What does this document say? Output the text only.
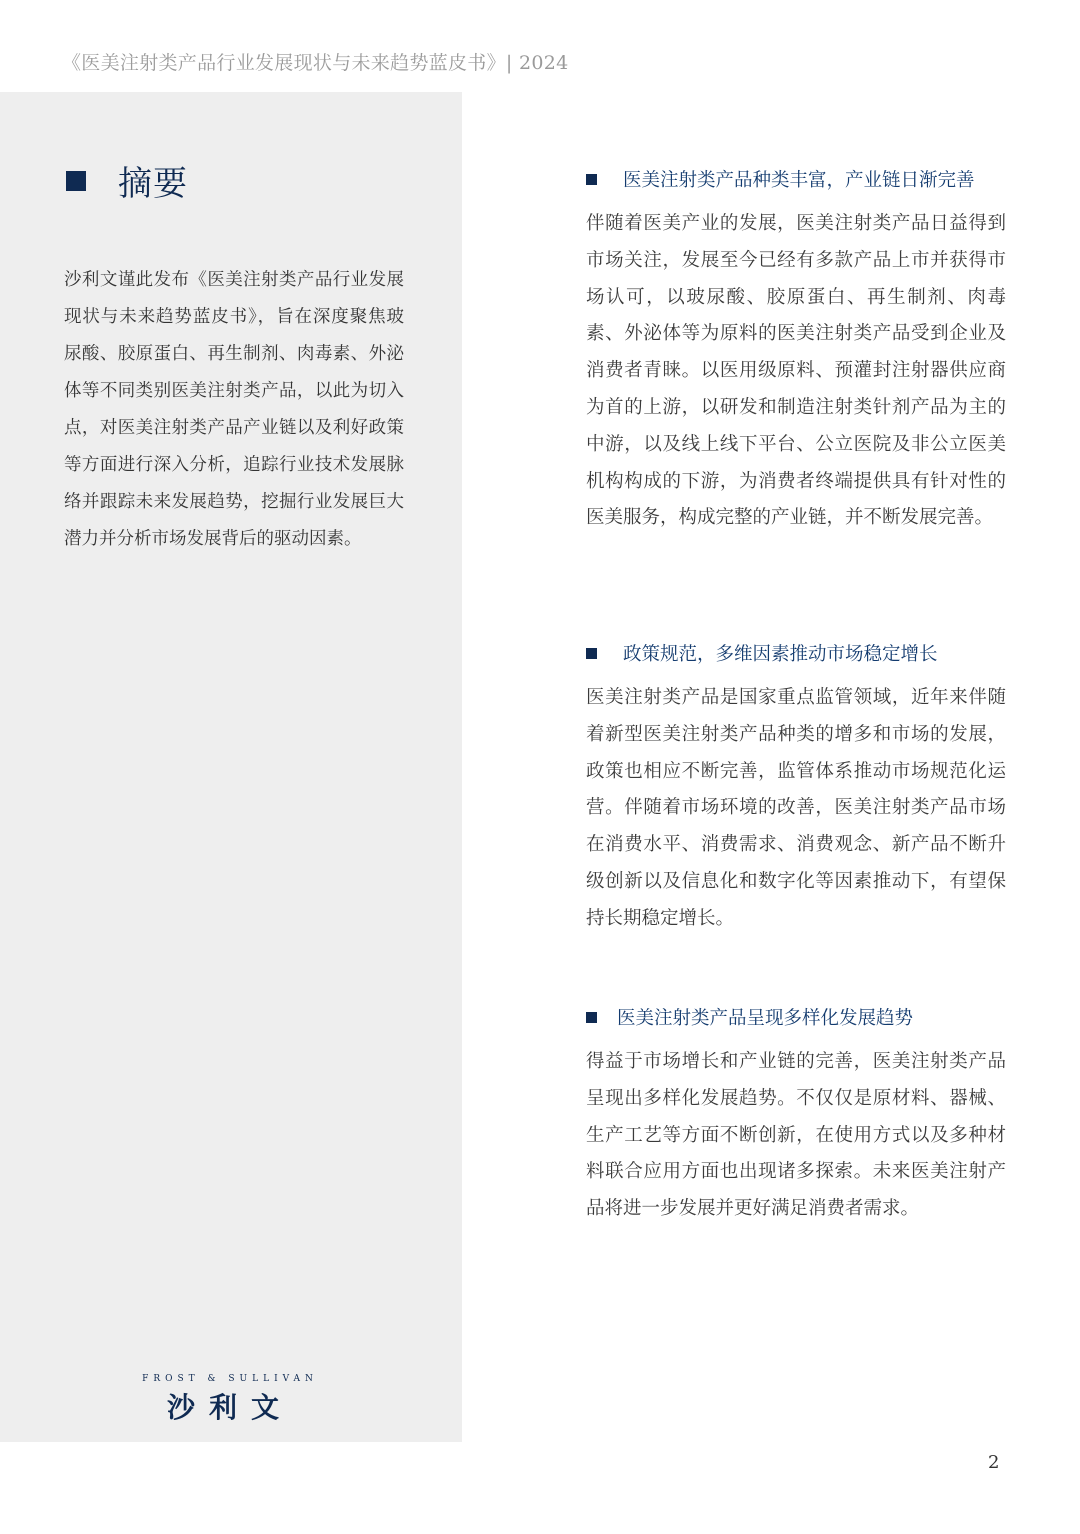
《医美注射类产品行业发展现状与未来趋势蓝皮书》| 2024
摘要
沙利文谨此发布《医美注射类产品行业发展现状与未来趋势蓝皮书》，旨在深度聚焦玻尿酸、胶原蛋白、再生制剂、肉毒素、外泌体等不同类别医美注射类产品，以此为切入点，对医美注射类产品产业链以及利好政策等方面进行深入分析，追踪行业技术发展脉络并跟踪未来发展趋势，挖掘行业发展巨大潜力并分析市场发展背后的驱动因素。
FROST & SULLIVAN
沙利文
医美注射类产品种类丰富，产业链日渐完善
伴随着医美产业的发展，医美注射类产品日益得到市场关注，发展至今已经有多款产品上市并获得市场认可，以玻尿酸、胶原蛋白、再生制剂、肉毒素、外泌体等为原料的医美注射类产品受到企业及消费者青睐。以医用级原料、预灌封注射器供应商为首的上游，以研发和制造注射类针剂产品为主的中游，以及线上线下平台、公立医院及非公立医美机构构成的下游，为消费者终端提供具有针对性的医美服务，构成完整的产业链，并不断发展完善。
政策规范，多维因素推动市场稳定增长
医美注射类产品是国家重点监管领域，近年来伴随着新型医美注射类产品种类的增多和市场的发展，政策也相应不断完善，监管体系推动市场规范化运营。伴随着市场环境的改善，医美注射类产品市场在消费水平、消费需求、消费观念、新产品不断升级创新以及信息化和数字化等因素推动下，有望保持长期稳定增长。
医美注射类产品呈现多样化发展趋势
得益于市场增长和产业链的完善，医美注射类产品呈现出多样化发展趋势。不仅仅是原材料、器械、生产工艺等方面不断创新，在使用方式以及多种材料联合应用方面也出现诸多探索。未来医美注射产品将进一步发展并更好满足消费者需求。
2
